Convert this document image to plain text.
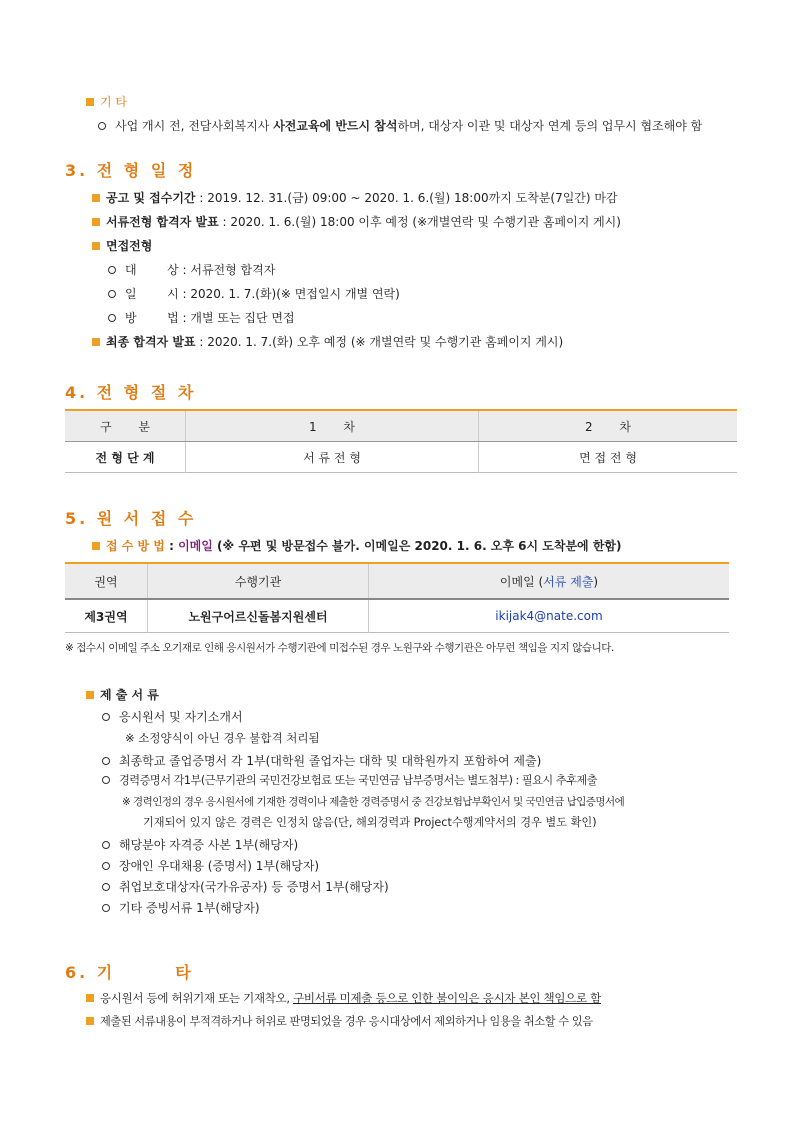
기 타
사업 개시 전, 전담사회복지사 사전교육에 반드시 참석하며, 대상자 이관 및 대상자 연계 등의 업무시 협조해야 함
3. 전 형 일 정
공고 및 접수기간 : 2019. 12. 31.(금) 09:00 ~ 2020. 1. 6.(월) 18:00까지 도착분(7일간) 마감
서류전형 합격자 발표 : 2020. 1. 6.(월) 18:00 이후 예정 (※개별연락 및 수행기관 홈페이지 게시)
면접전형
대        상 : 서류전형 합격자
일        시 : 2020. 1. 7.(화)(※ 면접일시 개별 연락)
방        법 : 개별 또는 집단 면접
최종 합격자 발표 : 2020. 1. 7.(화) 오후 예정 (※ 개별연락 및 수행기관 홈페이지 게시)
4. 전 형 절 차
구       분	1       차	2       차
전 형 단 계	서 류 전 형	면 접 전 형
5. 원 서 접 수
접 수 방 법 : 이메일 (※ 우편 및 방문접수 불가. 이메일은 2020. 1. 6. 오후 6시 도착분에 한함)
권역	수행기관	이메일 (서류 제출)
제3권역	노원구어르신돌봄지원센터	ikijak4@nate.com
※ 접수시 이메일 주소 오기재로 인해 응시원서가 수행기관에 미접수된 경우 노원구와 수행기관은 아무런 책임을 지지 않습니다.
제 출 서 류
응시원서 및 자기소개서
※ 소정양식이 아닌 경우 불합격 처리됨
최종학교 졸업증명서 각 1부(대학원 졸업자는 대학 및 대학원까지 포함하여 제출)
경력증명서 각1부(근무기관의 국민건강보험료 또는 국민연금 납부증명서는 별도첨부) : 필요시 추후제출
※ 경력인정의 경우 응시원서에 기재한 경력이나 제출한 경력증명서 중 건강보험납부확인서 및 국민연금 납입증명서에
기재되어 있지 않은 경력은 인정치 않음(단, 해외경력과 Project수행계약서의 경우 별도 확인)
해당분야 자격증 사본 1부(해당자)
장애인 우대채용 (증명서) 1부(해당자)
취업보호대상자(국가유공자) 등 증명서 1부(해당자)
기타 증빙서류 1부(해당자)
6. 기       타
응시원서 등에 허위기재 또는 기재착오, 구비서류 미제출 등으로 인한 불이익은 응시자 본인 책임으로 함
제출된 서류내용이 부적격하거나 허위로 판명되었을 경우 응시대상에서 제외하거나 임용을 취소할 수 있음
